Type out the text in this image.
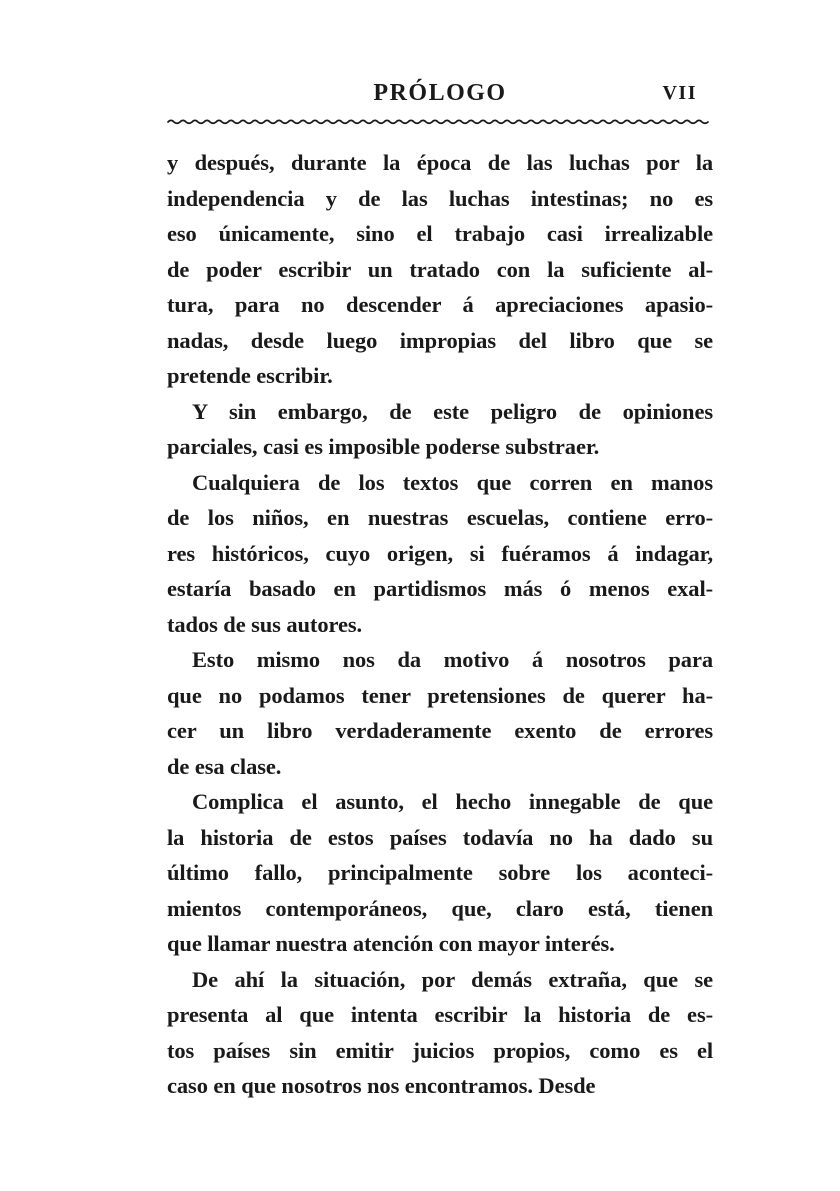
PRÓLOGO	VII
y después, durante la época de las luchas por la
independencia y de las luchas intestinas; no es
eso únicamente, sino el trabajo casi irrealizable
de poder escribir un tratado con la suficiente al-
tura, para no descender á apreciaciones apasio-
nadas, desde luego impropias del libro que se
pretende escribir.
Y sin embargo, de este peligro de opiniones
parciales, casi es imposible poderse substraer.
Cualquiera de los textos que corren en manos
de los niños, en nuestras escuelas, contiene erro-
res históricos, cuyo origen, si fuéramos á indagar,
estaría basado en partidismos más ó menos exal-
tados de sus autores.
Esto mismo nos da motivo á nosotros para
que no podamos tener pretensiones de querer ha-
cer un libro verdaderamente exento de errores
de esa clase.
Complica el asunto, el hecho innegable de que
la historia de estos países todavía no ha dado su
último fallo, principalmente sobre los aconteci-
mientos contemporáneos, que, claro está, tienen
que llamar nuestra atención con mayor interés.
De ahí la situación, por demás extraña, que se
presenta al que intenta escribir la historia de es-
tos países sin emitir juicios propios, como es el
caso en que nosotros nos encontramos. Desde
